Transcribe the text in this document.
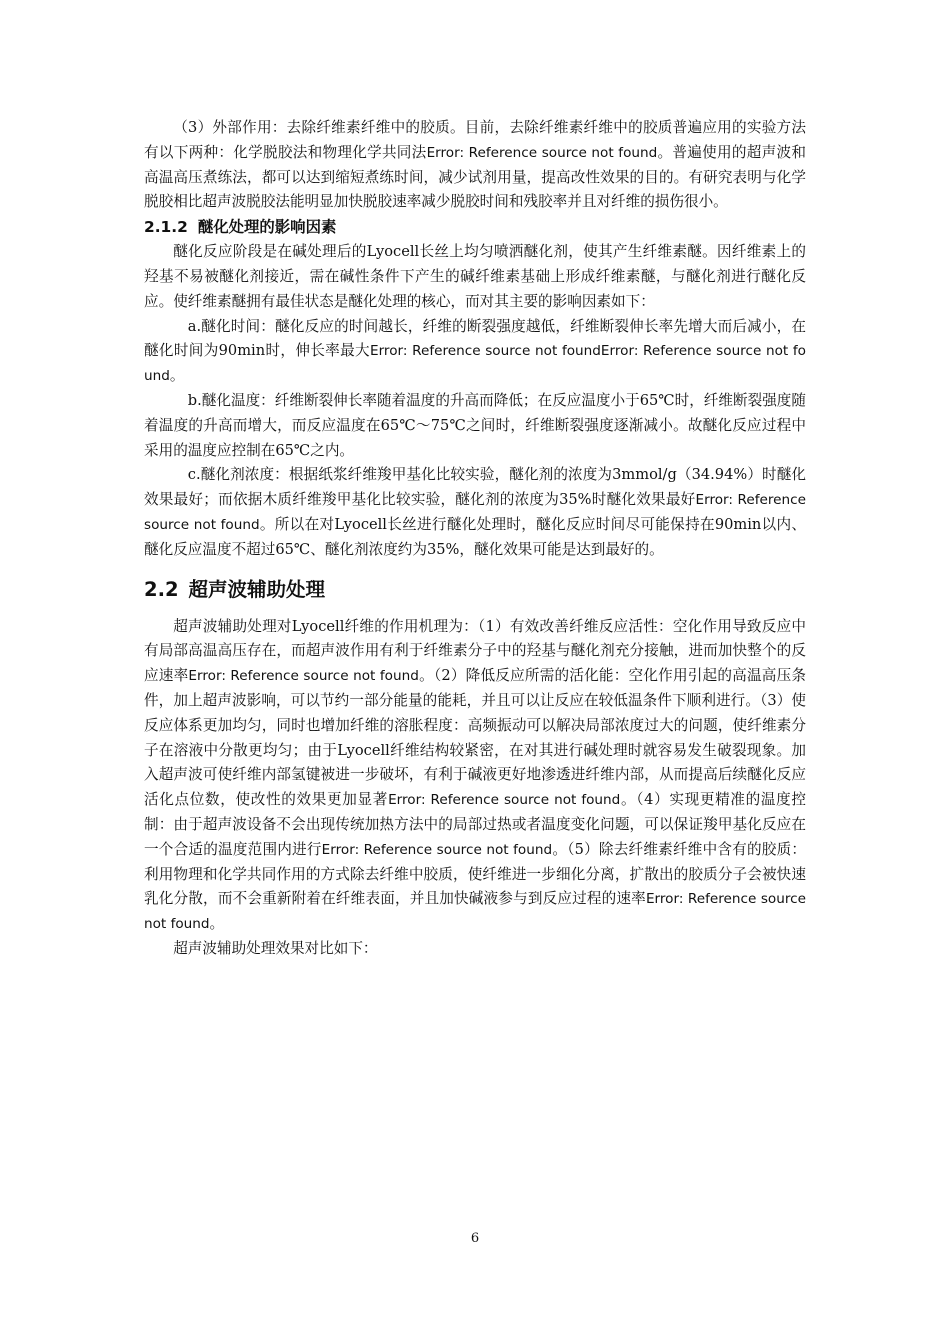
（3）外部作用：去除纤维素纤维中的胶质。目前，去除纤维素纤维中的胶质普遍应用的实验方法有以下两种：化学脱胶法和物理化学共同法Error: Reference source not found。普遍使用的超声波和高温高压煮练法，都可以达到缩短煮练时间，减少试剂用量，提高改性效果的目的。有研究表明与化学脱胶相比超声波脱胶法能明显加快脱胶速率减少脱胶时间和残胶率并且对纤维的损伤很小。

2.1.2 醚化处理的影响因素

醚化反应阶段是在碱处理后的Lyocell长丝上均匀喷洒醚化剂，使其产生纤维素醚。因纤维素上的羟基不易被醚化剂接近，需在碱性条件下产生的碱纤维素基础上形成纤维素醚，与醚化剂进行醚化反应。使纤维素醚拥有最佳状态是醚化处理的核心，而对其主要的影响因素如下：

a.醚化时间：醚化反应的时间越长，纤维的断裂强度越低，纤维断裂伸长率先增大而后减小，在醚化时间为90min时，伸长率最大Error: Reference source not foundError: Reference source not found。

b.醚化温度：纤维断裂伸长率随着温度的升高而降低；在反应温度小于65℃时，纤维断裂强度随着温度的升高而增大，而反应温度在65℃～75℃之间时，纤维断裂强度逐渐减小。故醚化反应过程中采用的温度应控制在65℃之内。

c.醚化剂浓度：根据纸浆纤维羧甲基化比较实验，醚化剂的浓度为3mmol/g（34.94%）时醚化效果最好；而依据木质纤维羧甲基化比较实验，醚化剂的浓度为35%时醚化效果最好Error: Reference source not found。所以在对Lyocell长丝进行醚化处理时，醚化反应时间尽可能保持在90min以内、醚化反应温度不超过65℃、醚化剂浓度约为35%，醚化效果可能是达到最好的。

2.2 超声波辅助处理

超声波辅助处理对Lyocell纤维的作用机理为：（1）有效改善纤维反应活性：空化作用导致反应中有局部高温高压存在，而超声波作用有利于纤维素分子中的羟基与醚化剂充分接触，进而加快整个的反应速率Error: Reference source not found。（2）降低反应所需的活化能：空化作用引起的高温高压条件，加上超声波影响，可以节约一部分能量的能耗，并且可以让反应在较低温条件下顺利进行。（3）使反应体系更加均匀，同时也增加纤维的溶胀程度：高频振动可以解决局部浓度过大的问题，使纤维素分子在溶液中分散更均匀；由于Lyocell纤维结构较紧密，在对其进行碱处理时就容易发生破裂现象。加入超声波可使纤维内部氢键被进一步破坏，有利于碱液更好地渗透进纤维内部，从而提高后续醚化反应活化点位数，使改性的效果更加显著Error: Reference source not found。（4）实现更精准的温度控制：由于超声波设备不会出现传统加热方法中的局部过热或者温度变化问题，可以保证羧甲基化反应在一个合适的温度范围内进行Error: Reference source not found。（5）除去纤维素纤维中含有的胶质：利用物理和化学共同作用的方式除去纤维中胶质，使纤维进一步细化分离，扩散出的胶质分子会被快速乳化分散，而不会重新附着在纤维表面，并且加快碱液参与到反应过程的速率Error: Reference source not found。

超声波辅助处理效果对比如下：

6
